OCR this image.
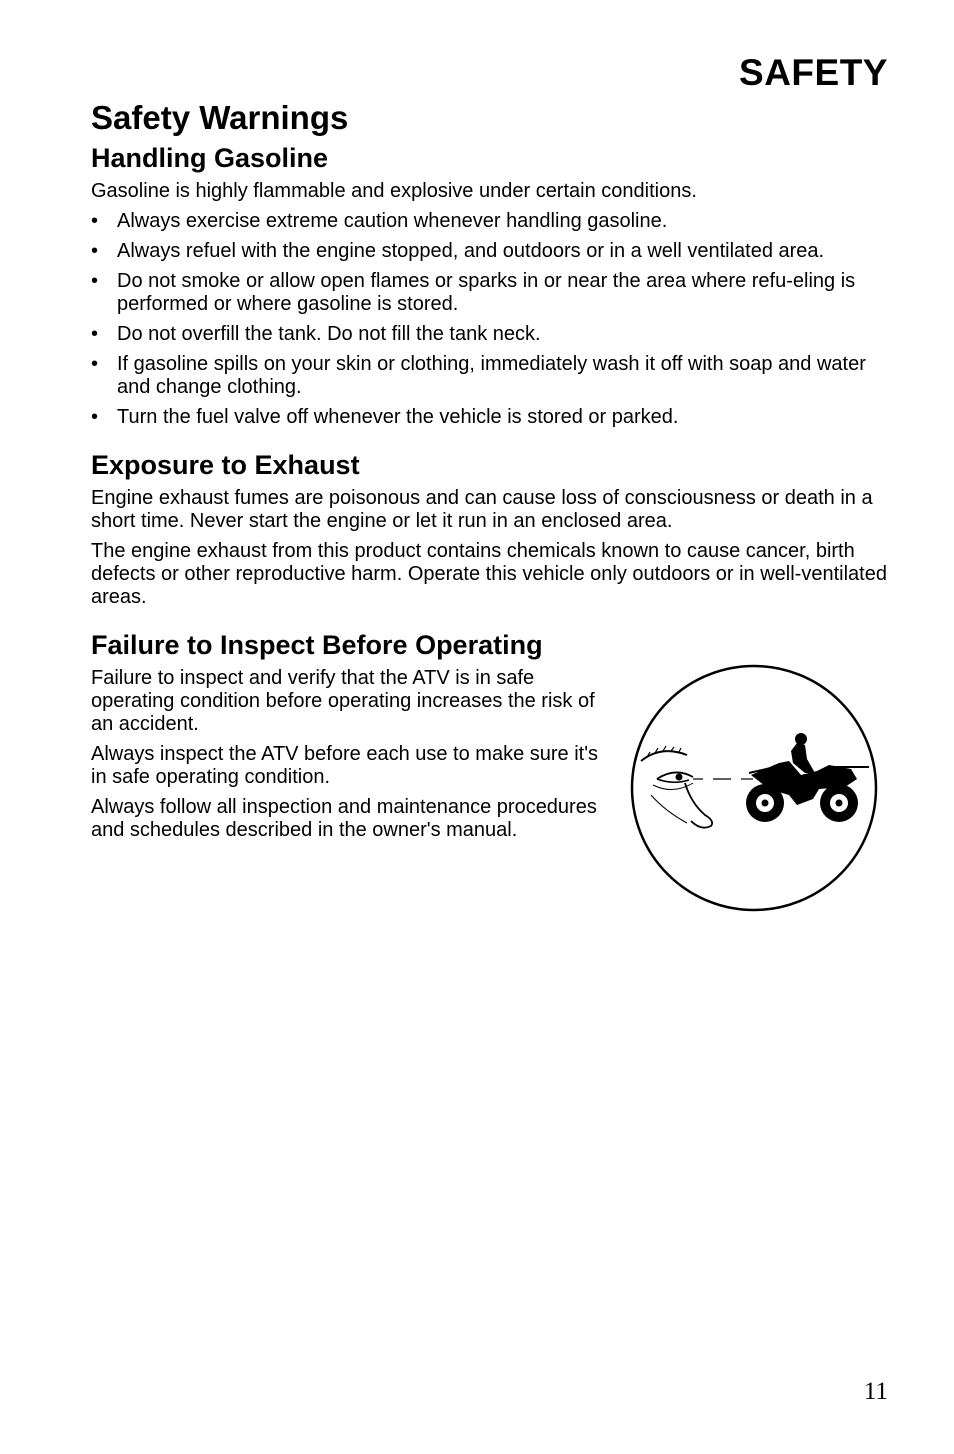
SAFETY
Safety Warnings
Handling Gasoline

Gasoline is highly flammable and explosive under certain conditions.

• Always exercise extreme caution whenever handling gasoline.
• Always refuel with the engine stopped, and outdoors or in a well ventilated area.
• Do not smoke or allow open flames or sparks in or near the area where refu-eling is performed or where gasoline is stored.
• Do not overfill the tank. Do not fill the tank neck.
• If gasoline spills on your skin or clothing, immediately wash it off with soap and water and change clothing.
• Turn the fuel valve off whenever the vehicle is stored or parked.
Exposure to Exhaust

Engine exhaust fumes are poisonous and can cause loss of consciousness or death in a short time. Never start the engine or let it run in an enclosed area.

The engine exhaust from this product contains chemicals known to cause cancer, birth defects or other reproductive harm. Operate this vehicle only outdoors or in well-ventilated areas.

Failure to Inspect Before Operating

Failure to inspect and verify that the ATV is in safe operating condition before operating increases the risk of an accident.

Always inspect the ATV before each use to make sure it's in safe operating condition.

Always follow all inspection and maintenance procedures and schedules described in the owner's manual.

11
